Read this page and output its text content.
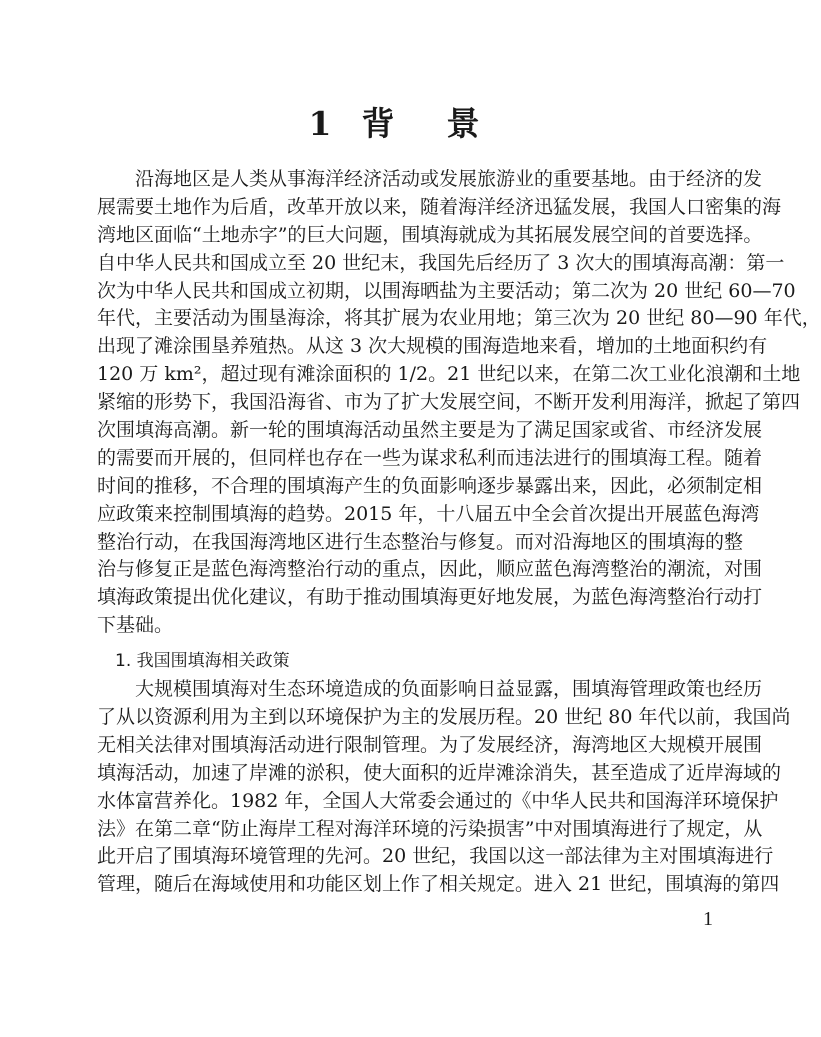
1 背 景
　　沿海地区是人类从事海洋经济活动或发展旅游业的重要基地。由于经济的发
展需要土地作为后盾，改革开放以来，随着海洋经济迅猛发展，我国人口密集的海
湾地区面临“土地赤字”的巨大问题，围填海就成为其拓展发展空间的首要选择。
自中华人民共和国成立至 20 世纪末，我国先后经历了 3 次大的围填海高潮：第一
次为中华人民共和国成立初期，以围海晒盐为主要活动；第二次为 20 世纪 60—70
年代，主要活动为围垦海涂，将其扩展为农业用地；第三次为 20 世纪 80—90 年代，
出现了滩涂围垦养殖热。从这 3 次大规模的围海造地来看，增加的土地面积约有
120 万 km²，超过现有滩涂面积的 1/2。21 世纪以来，在第二次工业化浪潮和土地
紧缩的形势下，我国沿海省、市为了扩大发展空间，不断开发利用海洋，掀起了第四
次围填海高潮。新一轮的围填海活动虽然主要是为了满足国家或省、市经济发展
的需要而开展的，但同样也存在一些为谋求私利而违法进行的围填海工程。随着
时间的推移，不合理的围填海产生的负面影响逐步暴露出来，因此，必须制定相
应政策来控制围填海的趋势。2015 年，十八届五中全会首次提出开展蓝色海湾
整治行动，在我国海湾地区进行生态整治与修复。而对沿海地区的围填海的整
治与修复正是蓝色海湾整治行动的重点，因此，顺应蓝色海湾整治的潮流，对围
填海政策提出优化建议，有助于推动围填海更好地发展，为蓝色海湾整治行动打
下基础。
1. 我国围填海相关政策
　　大规模围填海对生态环境造成的负面影响日益显露，围填海管理政策也经历
了从以资源利用为主到以环境保护为主的发展历程。20 世纪 80 年代以前，我国尚
无相关法律对围填海活动进行限制管理。为了发展经济，海湾地区大规模开展围
填海活动，加速了岸滩的淤积，使大面积的近岸滩涂消失，甚至造成了近岸海域的
水体富营养化。1982 年，全国人大常委会通过的《中华人民共和国海洋环境保护
法》在第二章“防止海岸工程对海洋环境的污染损害”中对围填海进行了规定，从
此开启了围填海环境管理的先河。20 世纪，我国以这一部法律为主对围填海进行
管理，随后在海域使用和功能区划上作了相关规定。进入 21 世纪，围填海的第四
1
